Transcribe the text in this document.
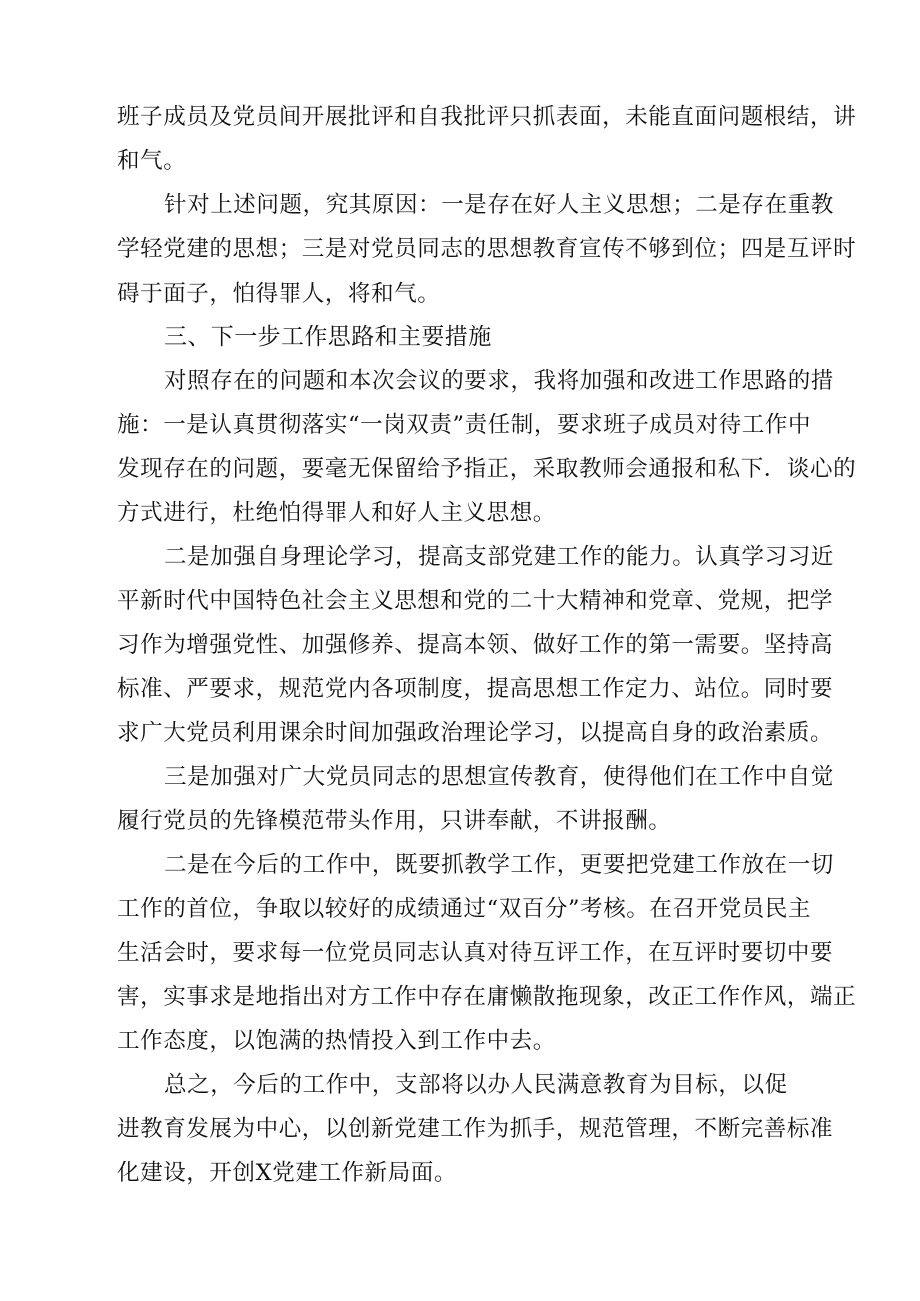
班子成员及党员间开展批评和自我批评只抓表面，未能直面问题根结，讲
和气。
针对上述问题，究其原因：一是存在好人主义思想；二是存在重教
学轻党建的思想；三是对党员同志的思想教育宣传不够到位；四是互评时
碍于面子，怕得罪人，将和气。
三、下一步工作思路和主要措施
对照存在的问题和本次会议的要求，我将加强和改进工作思路的措
施：一是认真贯彻落实“一岗双责”责任制，要求班子成员对待工作中
发现存在的问题，要毫无保留给予指正，采取教师会通报和私下．谈心的
方式进行，杜绝怕得罪人和好人主义思想。
二是加强自身理论学习，提高支部党建工作的能力。认真学习习近
平新时代中国特色社会主义思想和党的二十大精神和党章、党规，把学
习作为增强党性、加强修养、提高本领、做好工作的第一需要。坚持高
标准、严要求，规范党内各项制度，提高思想工作定力、站位。同时要
求广大党员利用课余时间加强政治理论学习，以提高自身的政治素质。
三是加强对广大党员同志的思想宣传教育，使得他们在工作中自觉
履行党员的先锋模范带头作用，只讲奉献，不讲报酬。
二是在今后的工作中，既要抓教学工作，更要把党建工作放在一切
工作的首位，争取以较好的成绩通过“双百分”考核。在召开党员民主
生活会时，要求每一位党员同志认真对待互评工作，在互评时要切中要
害，实事求是地指出对方工作中存在庸懒散拖现象，改正工作作风，端正
工作态度，以饱满的热情投入到工作中去。
总之，今后的工作中，支部将以办人民满意教育为目标，以促
进教育发展为中心，以创新党建工作为抓手，规范管理，不断完善标准
化建设，开创X党建工作新局面。
